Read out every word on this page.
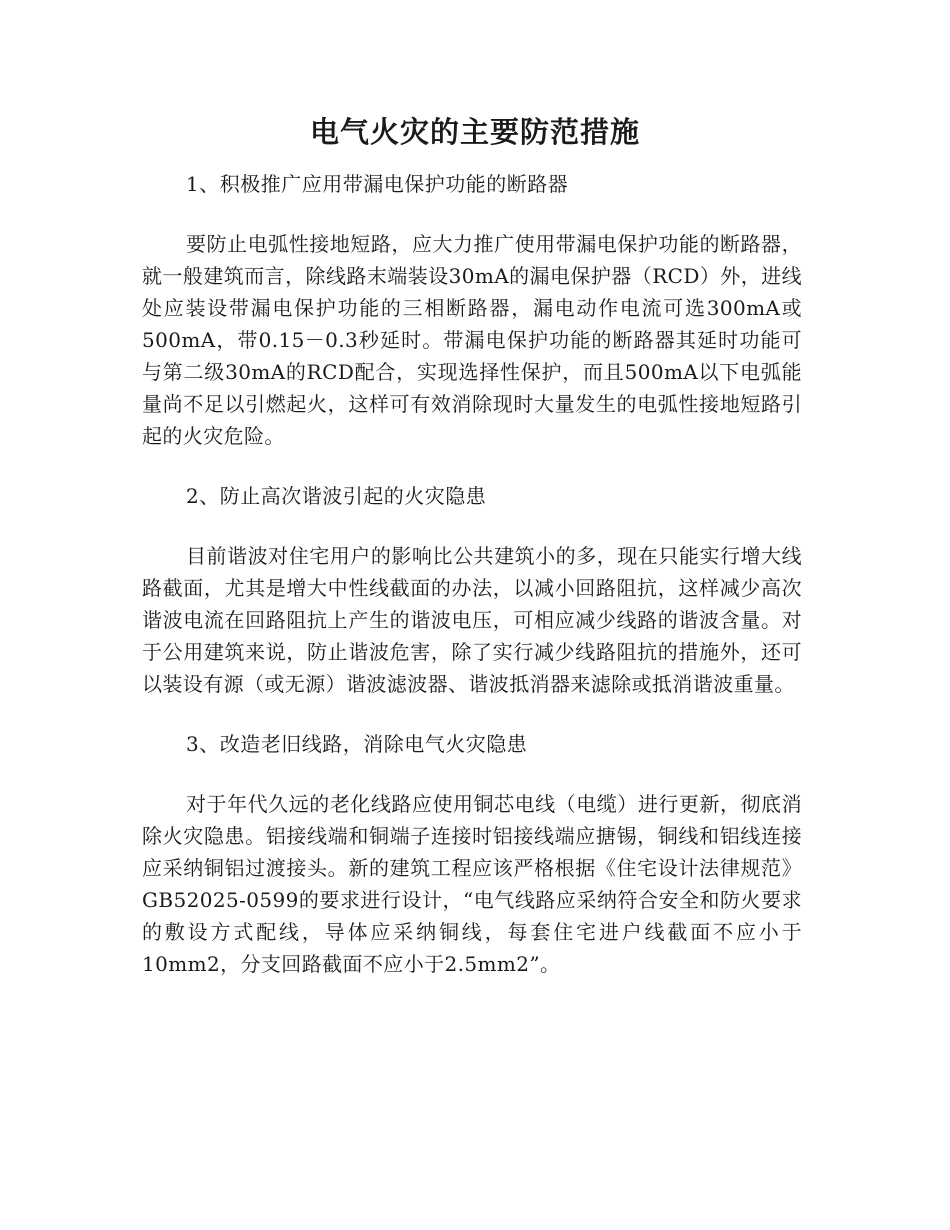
电气火灾的主要防范措施
1、积极推广应用带漏电保护功能的断路器
要防止电弧性接地短路，应大力推广使用带漏电保护功能的断路器，就一般建筑而言，除线路末端装设30mA的漏电保护器（RCD）外，进线处应装设带漏电保护功能的三相断路器，漏电动作电流可选300mA或500mA，带0.15－0.3秒延时。带漏电保护功能的断路器其延时功能可与第二级30mA的RCD配合，实现选择性保护，而且500mA以下电弧能量尚不足以引燃起火，这样可有效消除现时大量发生的电弧性接地短路引起的火灾危险。
2、防止高次谐波引起的火灾隐患
目前谐波对住宅用户的影响比公共建筑小的多，现在只能实行增大线路截面，尤其是增大中性线截面的办法，以减小回路阻抗，这样减少高次谐波电流在回路阻抗上产生的谐波电压，可相应减少线路的谐波含量。对于公用建筑来说，防止谐波危害，除了实行减少线路阻抗的措施外，还可以装设有源（或无源）谐波滤波器、谐波抵消器来滤除或抵消谐波重量。
3、改造老旧线路，消除电气火灾隐患
对于年代久远的老化线路应使用铜芯电线（电缆）进行更新，彻底消除火灾隐患。铝接线端和铜端子连接时铝接线端应搪锡，铜线和铝线连接应采纳铜铝过渡接头。新的建筑工程应该严格根据《住宅设计法律规范》GB52025-0599的要求进行设计，“电气线路应采纳符合安全和防火要求的敷设方式配线，导体应采纳铜线，每套住宅进户线截面不应小于10mm2，分支回路截面不应小于2.5mm2”。
